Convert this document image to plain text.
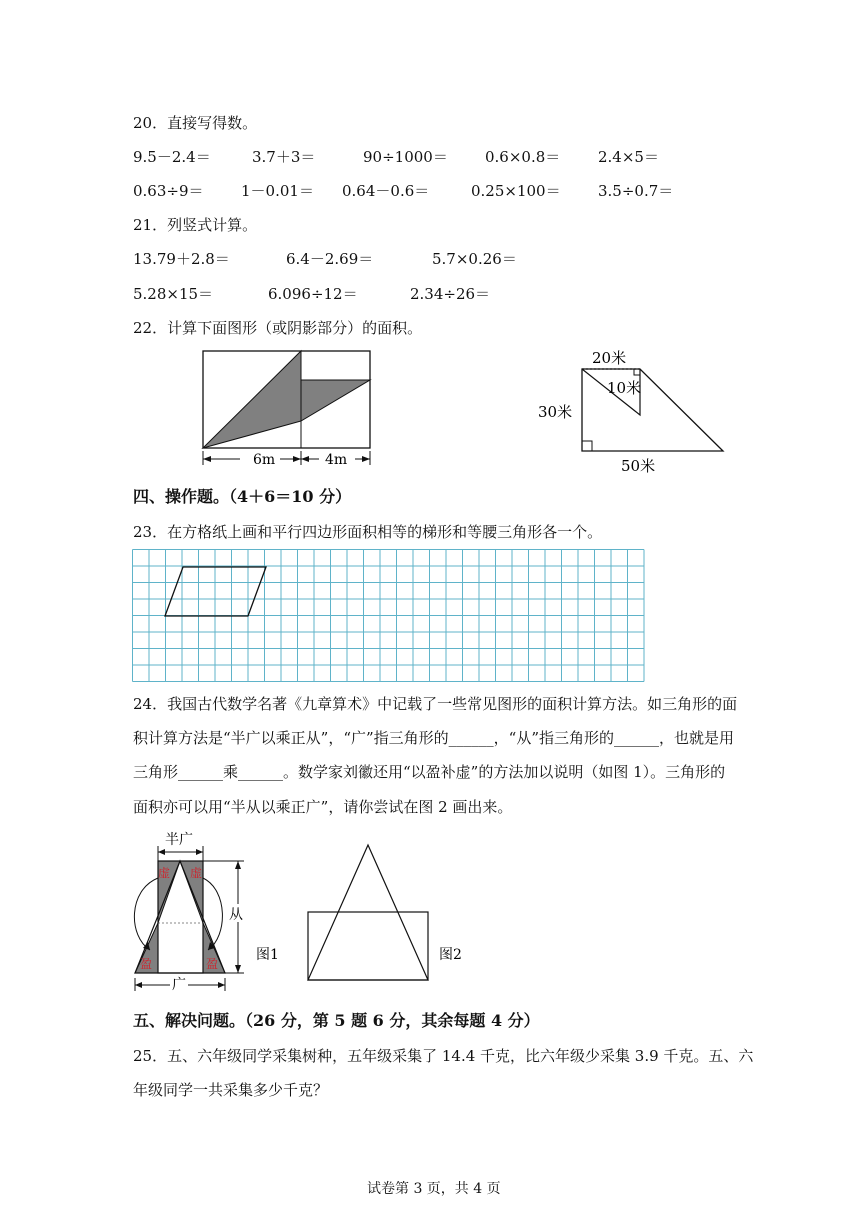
20．直接写得数。
9.5－2.4＝	3.7＋3＝	90÷1000＝ 0.6×0.8＝	2.4×5＝
0.63÷9＝ 1－0.01＝ 0.64－0.6＝	0.25×100＝ 3.5÷0.7＝
21．列竖式计算。
13.79＋2.8＝	6.4－2.69＝	5.7×0.26＝
5.28×15＝	6.096÷12＝	2.34÷26＝
22．计算下面图形（或阴影部分）的面积。
6m	4m
20米
10米
30米
50米
四、操作题。（4＋6＝10 分）
23．在方格纸上画和平行四边形面积相等的梯形和等腰三角形各一个。
24．我国古代数学名著《九章算术》中记载了一些常见图形的面积计算方法。如三角形的面
积计算方法是“半广以乘正从”，“广”指三角形的______，“从”指三角形的______，也就是用
三角形______乘______。数学家刘徽还用“以盈补虚”的方法加以说明（如图 1）。三角形的
面积亦可以用“半从以乘正广”，请你尝试在图 2 画出来。
半广
从
广
虚 虚
盈	盈
图1	图2
五、解决问题。（26 分，第 5 题 6 分，其余每题 4 分）
25．五、六年级同学采集树种，五年级采集了 14.4 千克，比六年级少采集 3.9 千克。五、六
年级同学一共采集多少千克？
试卷第 3 页，共 4 页
